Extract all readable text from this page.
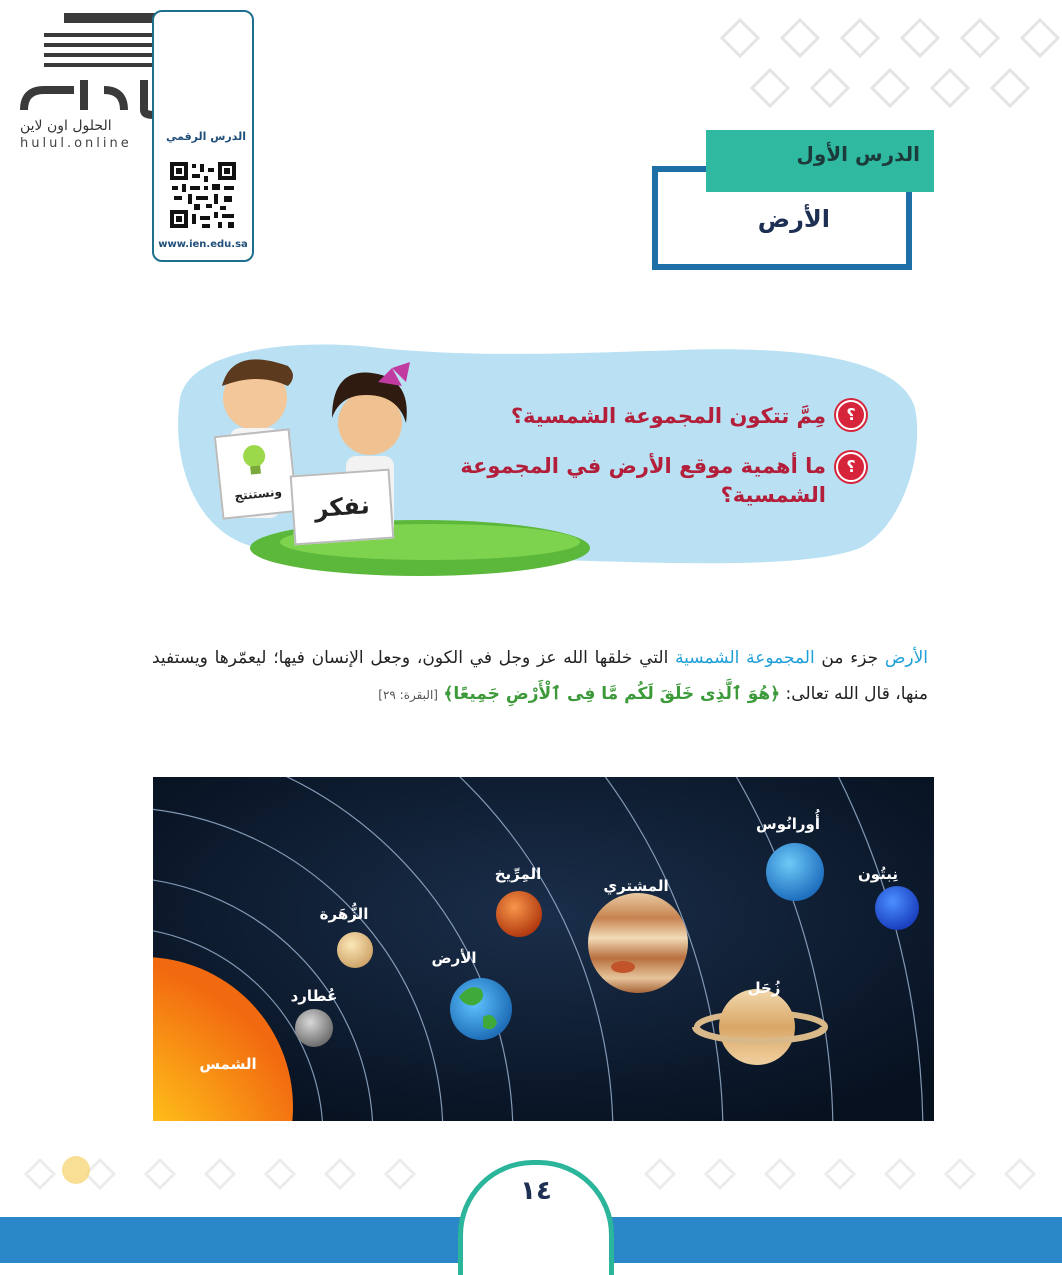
الحلول اون لاين
hulul.online	الدرس الرقمي
www.ien.edu.sa
الدرس الأول
الأرض
ونستنتج	نفكر
؟
مِمَّ تتكون المجموعة الشمسية؟
؟
ما أهمية موقع الأرض في المجموعة الشمسية؟
الأرض جزء من المجموعة الشمسية التي خلقها الله عز وجل في الكون، وجعل الإنسان فيها؛ ليعمّرها ويستفيد منها، قال الله تعالى: ﴿هُوَ ٱلَّذِى خَلَقَ لَكُم مَّا فِى ٱلْأَرْضِ جَمِيعًا﴾ [البقرة: ٢٩]
الشمس
عُطارد
الزُّهَرة
الأرض
المِرِّيخ
المشتري
زُحَل
أُورانُوس
نِبتُون
١٤
